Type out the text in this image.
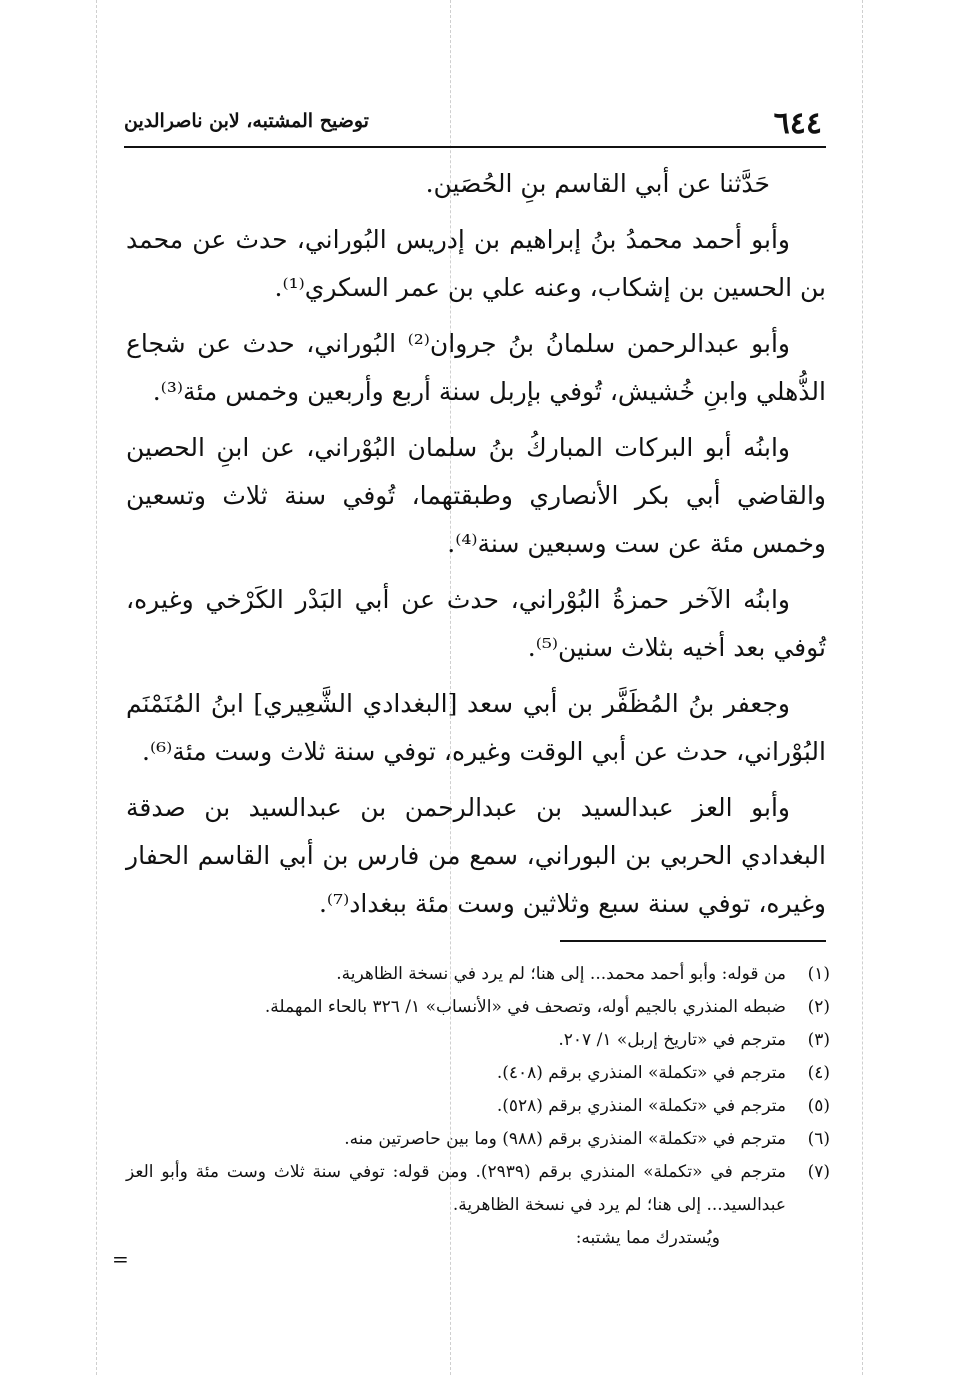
٦٤٤
توضيح المشتبه، لابن ناصرالدين

حَدَّثنا عن أبي القاسم بنِ الحُصَين.

وأبو أحمد محمدُ بنُ إبراهيم بن إدريس البُوراني، حدث عن محمد بن الحسين بن إشكاب، وعنه علي بن عمر السكري⁽¹⁾.

وأبو عبدالرحمن سلمانُ بنُ جروان⁽²⁾ البُوراني، حدث عن شجاع الذُّهلي وابنِ خُشيش، تُوفي بإربل سنة أربع وأربعين وخمس مئة⁽³⁾.

وابنُه أبو البركات المباركُ بنُ سلمان البُوْراني، عن ابنِ الحصين والقاضي أبي بكر الأنصاري وطبقتهما، تُوفي سنة ثلاث وتسعين وخمس مئة عن ست وسبعين سنة⁽⁴⁾.

وابنُه الآخر حمزةُ البُوْراني، حدث عن أبي البَدْر الكَرْخي وغيره، تُوفي بعد أخيه بثلاث سنين⁽⁵⁾.

وجعفر بنُ المُظَفَّر بن أبي سعد [البغدادي الشَّعِيري] ابنُ المُنَمْنَم البُوْراني، حدث عن أبي الوقت وغيره، توفي سنة ثلاث وست مئة⁽⁶⁾.

وأبو العز عبدالسيد بن عبدالرحمن بن عبدالسيد بن صدقة البغدادي الحربي بن البوراني، سمع من فارس بن أبي القاسم الحفار وغيره، توفي سنة سبع وثلاثين وست مئة ببغداد⁽⁷⁾.

(١)
من قوله: وأبو أحمد محمد... إلى هنا؛ لم يرد في نسخة الظاهرية.
(٢)
ضبطه المنذري بالجيم أوله، وتصحف في «الأنساب» ١/ ٣٢٦ بالحاء المهملة.
(٣)
مترجم في «تاريخ إربل» ١/ ٢٠٧.
(٤)
مترجم في «تكملة» المنذري برقم (٤٠٨).
(٥)
مترجم في «تكملة» المنذري برقم (٥٢٨).
(٦)
مترجم في «تكملة» المنذري برقم (٩٨٨) وما بين حاصرتين منه.
(٧)
مترجم في «تكملة» المنذري برقم (٢٩٣٩). ومن قوله: توفي سنة ثلاث وست مئة وأبو العز عبدالسيد... إلى هنا؛ لم يرد في نسخة الظاهرية.
ويُستدرك مما يشتبه:
=
